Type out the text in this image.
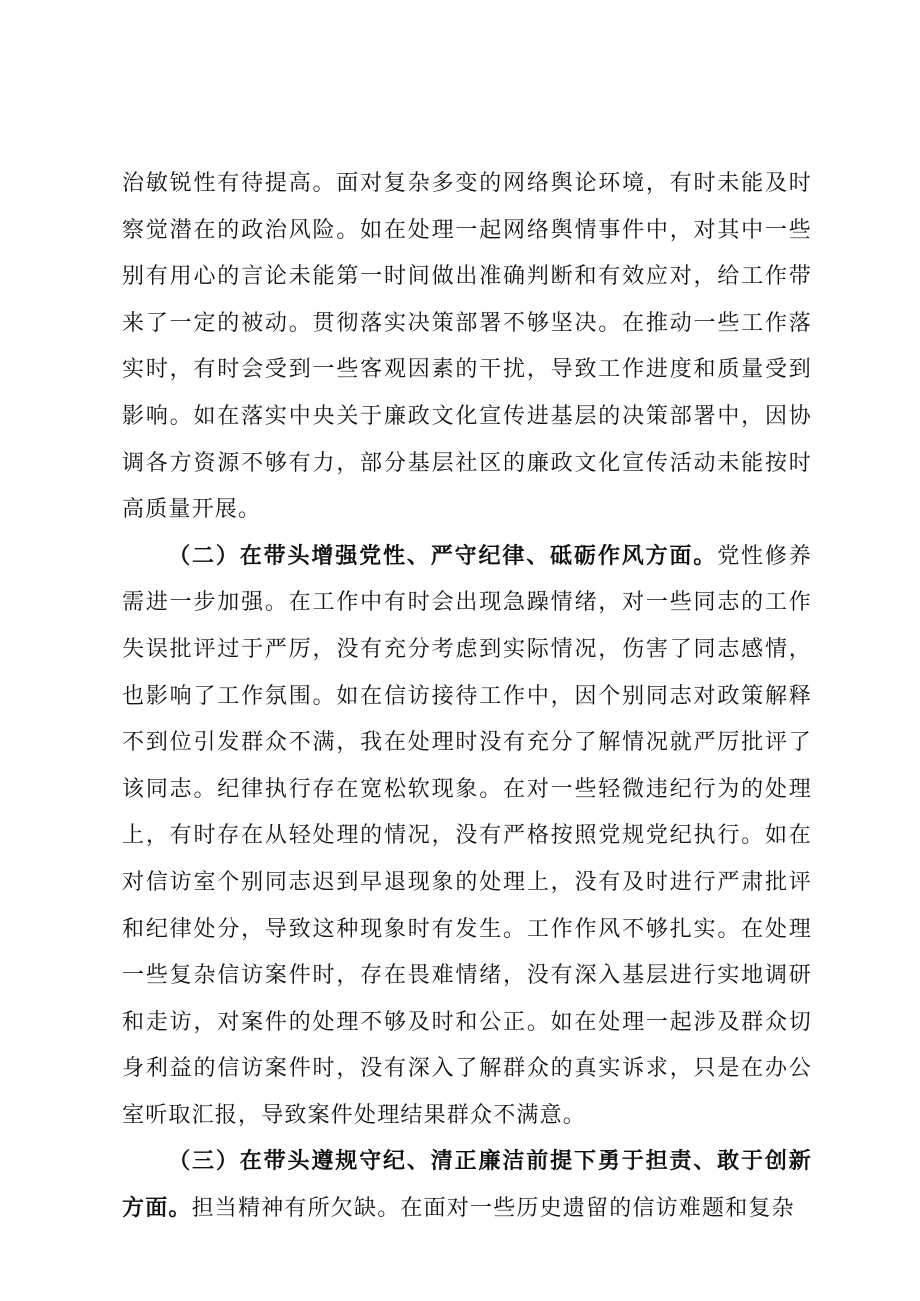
治敏锐性有待提高。面对复杂多变的网络舆论环境，有时未能及时察觉潜在的政治风险。如在处理一起网络舆情事件中，对其中一些别有用心的言论未能第一时间做出准确判断和有效应对，给工作带来了一定的被动。贯彻落实决策部署不够坚决。在推动一些工作落实时，有时会受到一些客观因素的干扰，导致工作进度和质量受到影响。如在落实中央关于廉政文化宣传进基层的决策部署中，因协调各方资源不够有力，部分基层社区的廉政文化宣传活动未能按时高质量开展。

（二）在带头增强党性、严守纪律、砥砺作风方面。党性修养需进一步加强。在工作中有时会出现急躁情绪，对一些同志的工作失误批评过于严厉，没有充分考虑到实际情况，伤害了同志感情，也影响了工作氛围。如在信访接待工作中，因个别同志对政策解释不到位引发群众不满，我在处理时没有充分了解情况就严厉批评了该同志。纪律执行存在宽松软现象。在对一些轻微违纪行为的处理上，有时存在从轻处理的情况，没有严格按照党规党纪执行。如在对信访室个别同志迟到早退现象的处理上，没有及时进行严肃批评和纪律处分，导致这种现象时有发生。工作作风不够扎实。在处理一些复杂信访案件时，存在畏难情绪，没有深入基层进行实地调研和走访，对案件的处理不够及时和公正。如在处理一起涉及群众切身利益的信访案件时，没有深入了解群众的真实诉求，只是在办公室听取汇报，导致案件处理结果群众不满意。

（三）在带头遵规守纪、清正廉洁前提下勇于担责、敢于创新方面。担当精神有所欠缺。在面对一些历史遗留的信访难题和复杂
